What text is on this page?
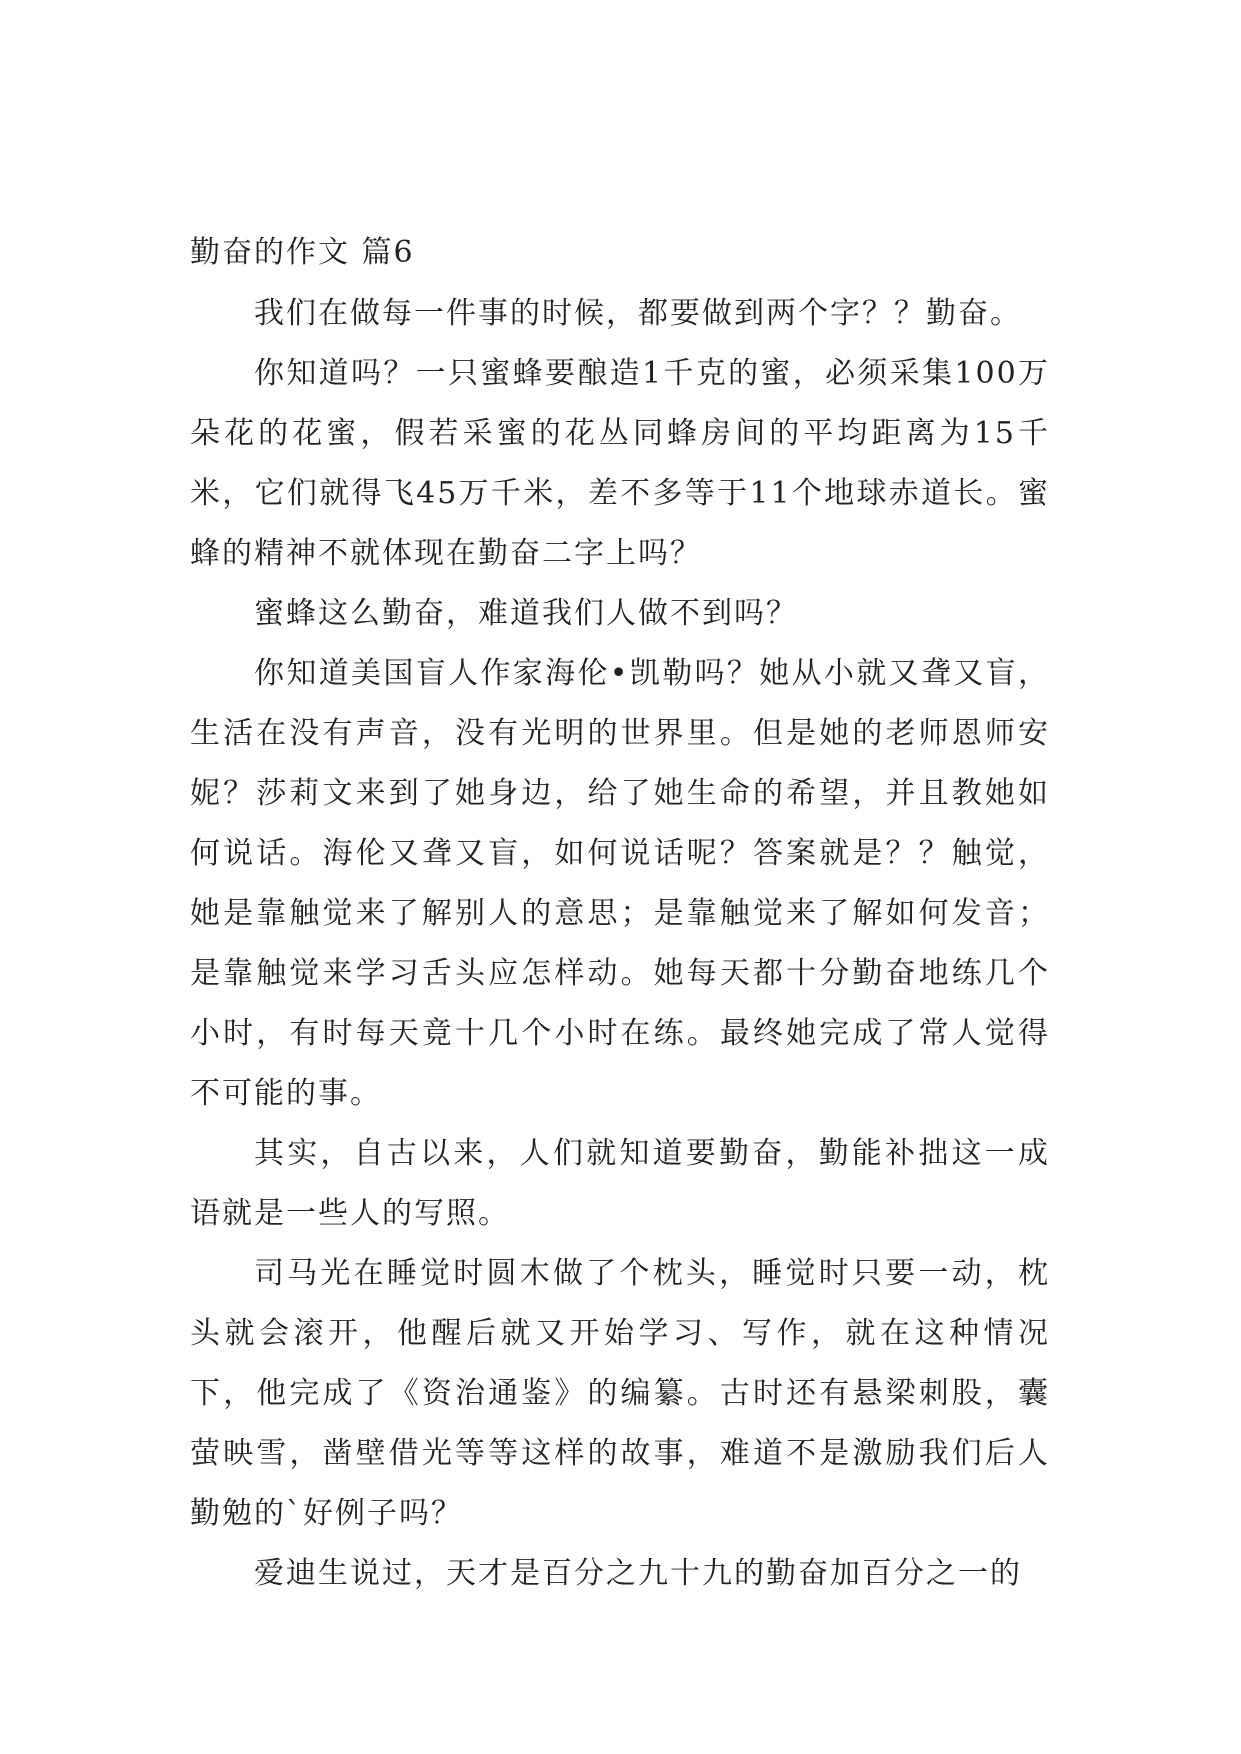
勤奋的作文 篇6

我们在做每一件事的时候，都要做到两个字？？勤奋。

你知道吗？一只蜜蜂要酿造1千克的蜜，必须采集100万朵花的花蜜，假若采蜜的花丛同蜂房间的平均距离为15千米，它们就得飞45万千米，差不多等于11个地球赤道长。蜜蜂的精神不就体现在勤奋二字上吗？

蜜蜂这么勤奋，难道我们人做不到吗？

你知道美国盲人作家海伦•凯勒吗？她从小就又聋又盲，生活在没有声音，没有光明的世界里。但是她的老师恩师安妮？莎莉文来到了她身边，给了她生命的希望，并且教她如何说话。海伦又聋又盲，如何说话呢？答案就是？？触觉，她是靠触觉来了解别人的意思；是靠触觉来了解如何发音；是靠触觉来学习舌头应怎样动。她每天都十分勤奋地练几个小时，有时每天竟十几个小时在练。最终她完成了常人觉得不可能的事。

其实，自古以来，人们就知道要勤奋，勤能补拙这一成语就是一些人的写照。

司马光在睡觉时圆木做了个枕头，睡觉时只要一动，枕头就会滚开，他醒后就又开始学习、写作，就在这种情况下，他完成了《资治通鉴》的编纂。古时还有悬梁刺股，囊萤映雪，凿壁借光等等这样的故事，难道不是激励我们后人勤勉的`好例子吗？

爱迪生说过，天才是百分之九十九的勤奋加百分之一的
